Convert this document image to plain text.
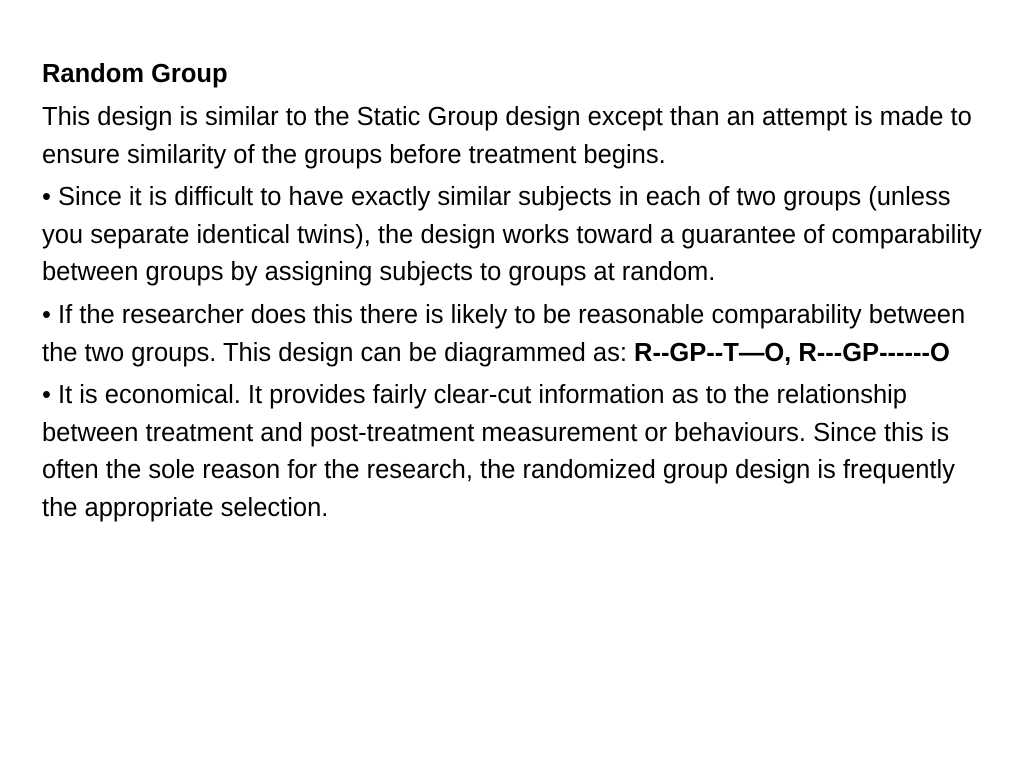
Random Group
This design is similar to the Static Group design except than an attempt is made to ensure similarity of the groups before treatment begins.
• Since it is difficult to have exactly similar subjects in each of two groups (unless you separate identical twins), the design works toward a guarantee of comparability between groups by assigning subjects to groups at random.
• If the researcher does this there is likely to be reasonable comparability between the two groups. This design can be diagrammed as: R--GP--T—O, R---GP------O
• It is economical. It provides fairly clear-cut information as to the relationship between treatment and post-treatment measurement or behaviours. Since this is often the sole reason for the research, the randomized group design is frequently the appropriate selection.
